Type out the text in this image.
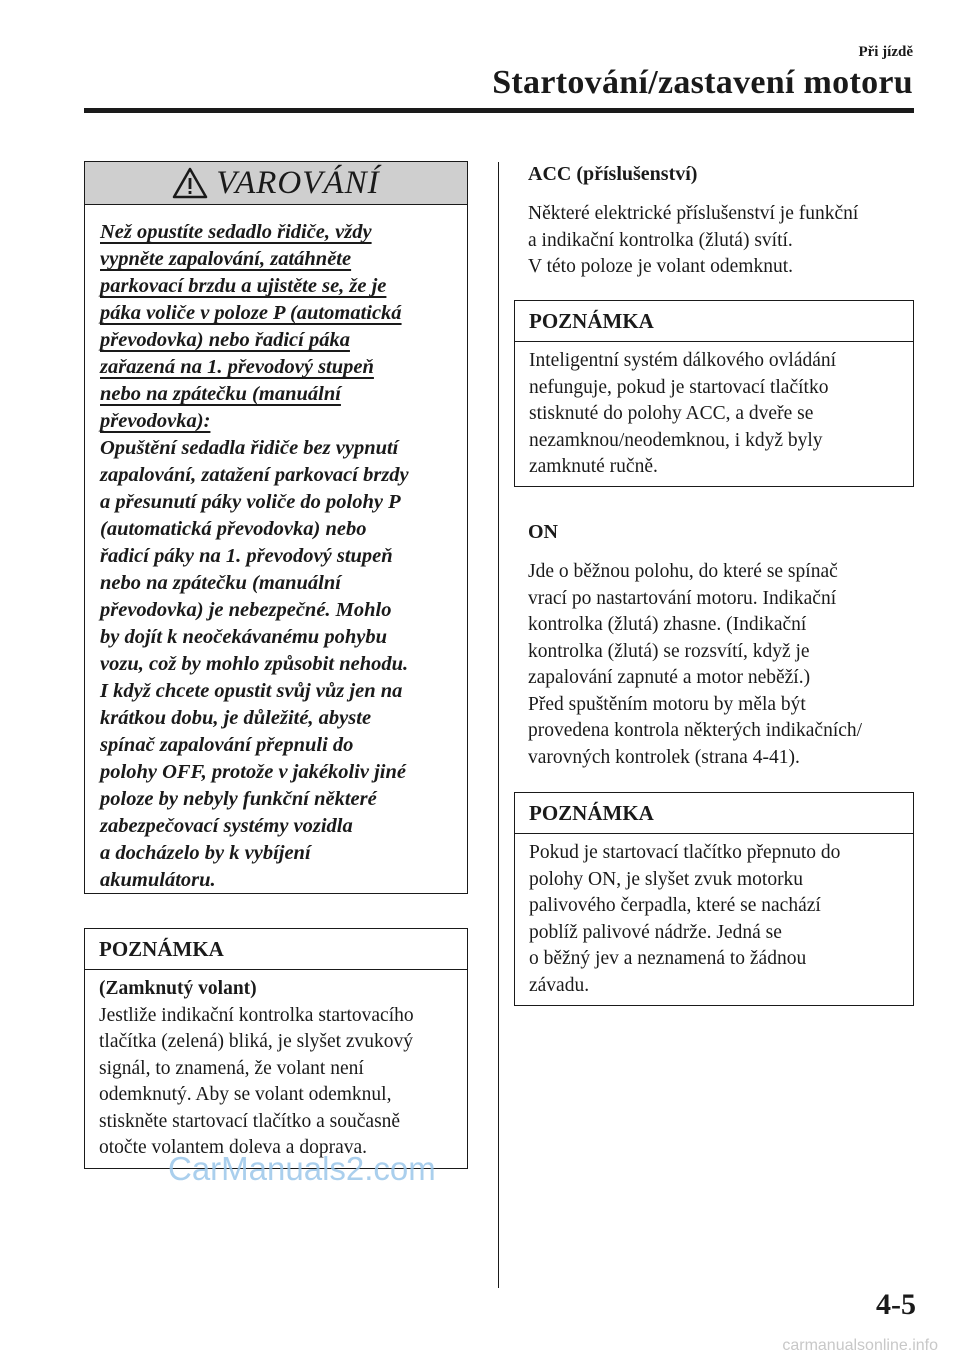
Při jízdě
Startování/zastavení motoru
VAROVÁNÍ
Než opustíte sedadlo řidiče, vždy
vypněte zapalování, zatáhněte
parkovací brzdu a ujistěte se, že je
páka voliče v poloze P (automatická
převodovka) nebo řadicí páka
zařazená na 1. převodový stupeň
nebo na zpátečku (manuální
převodovka):
Opuštění sedadla řidiče bez vypnutí
zapalování, zatažení parkovací brzdy
a přesunutí páky voliče do polohy P
(automatická převodovka) nebo
řadicí páky na 1. převodový stupeň
nebo na zpátečku (manuální
převodovka) je nebezpečné. Mohlo
by dojít k neočekávanému pohybu
vozu, což by mohlo způsobit nehodu.
I když chcete opustit svůj vůz jen na
krátkou dobu, je důležité, abyste
spínač zapalování přepnuli do
polohy OFF, protože v jakékoliv jiné
poloze by nebyly funkční některé
zabezpečovací systémy vozidla
a docházelo by k vybíjení
akumulátoru.
POZNÁMKA
(Zamknutý volant)
Jestliže indikační kontrolka startovacího
tlačítka (zelená) bliká, je slyšet zvukový
signál, to znamená, že volant není
odemknutý. Aby se volant odemknul,
stiskněte startovací tlačítko a současně
otočte volantem doleva a doprava.
ACC (příslušenství)
Některé elektrické příslušenství je funkční
a indikační kontrolka (žlutá) svítí.
V této poloze je volant odemknut.
POZNÁMKA
Inteligentní systém dálkového ovládání
nefunguje, pokud je startovací tlačítko
stisknuté do polohy ACC, a dveře se
nezamknou/neodemknou, i když byly
zamknuté ručně.
ON
Jde o běžnou polohu, do které se spínač
vrací po nastartování motoru. Indikační
kontrolka (žlutá) zhasne. (Indikační
kontrolka (žlutá) se rozsvítí, když je
zapalování zapnuté a motor neběží.)
Před spuštěním motoru by měla být
provedena kontrola některých indikačních/
varovných kontrolek (strana 4-41).
POZNÁMKA
Pokud je startovací tlačítko přepnuto do
polohy ON, je slyšet zvuk motorku
palivového čerpadla, které se nachází
poblíž palivové nádrže. Jedná se
o běžný jev a neznamená to žádnou
závadu.
CarManuals2.com
4-5
carmanualsonline.info
